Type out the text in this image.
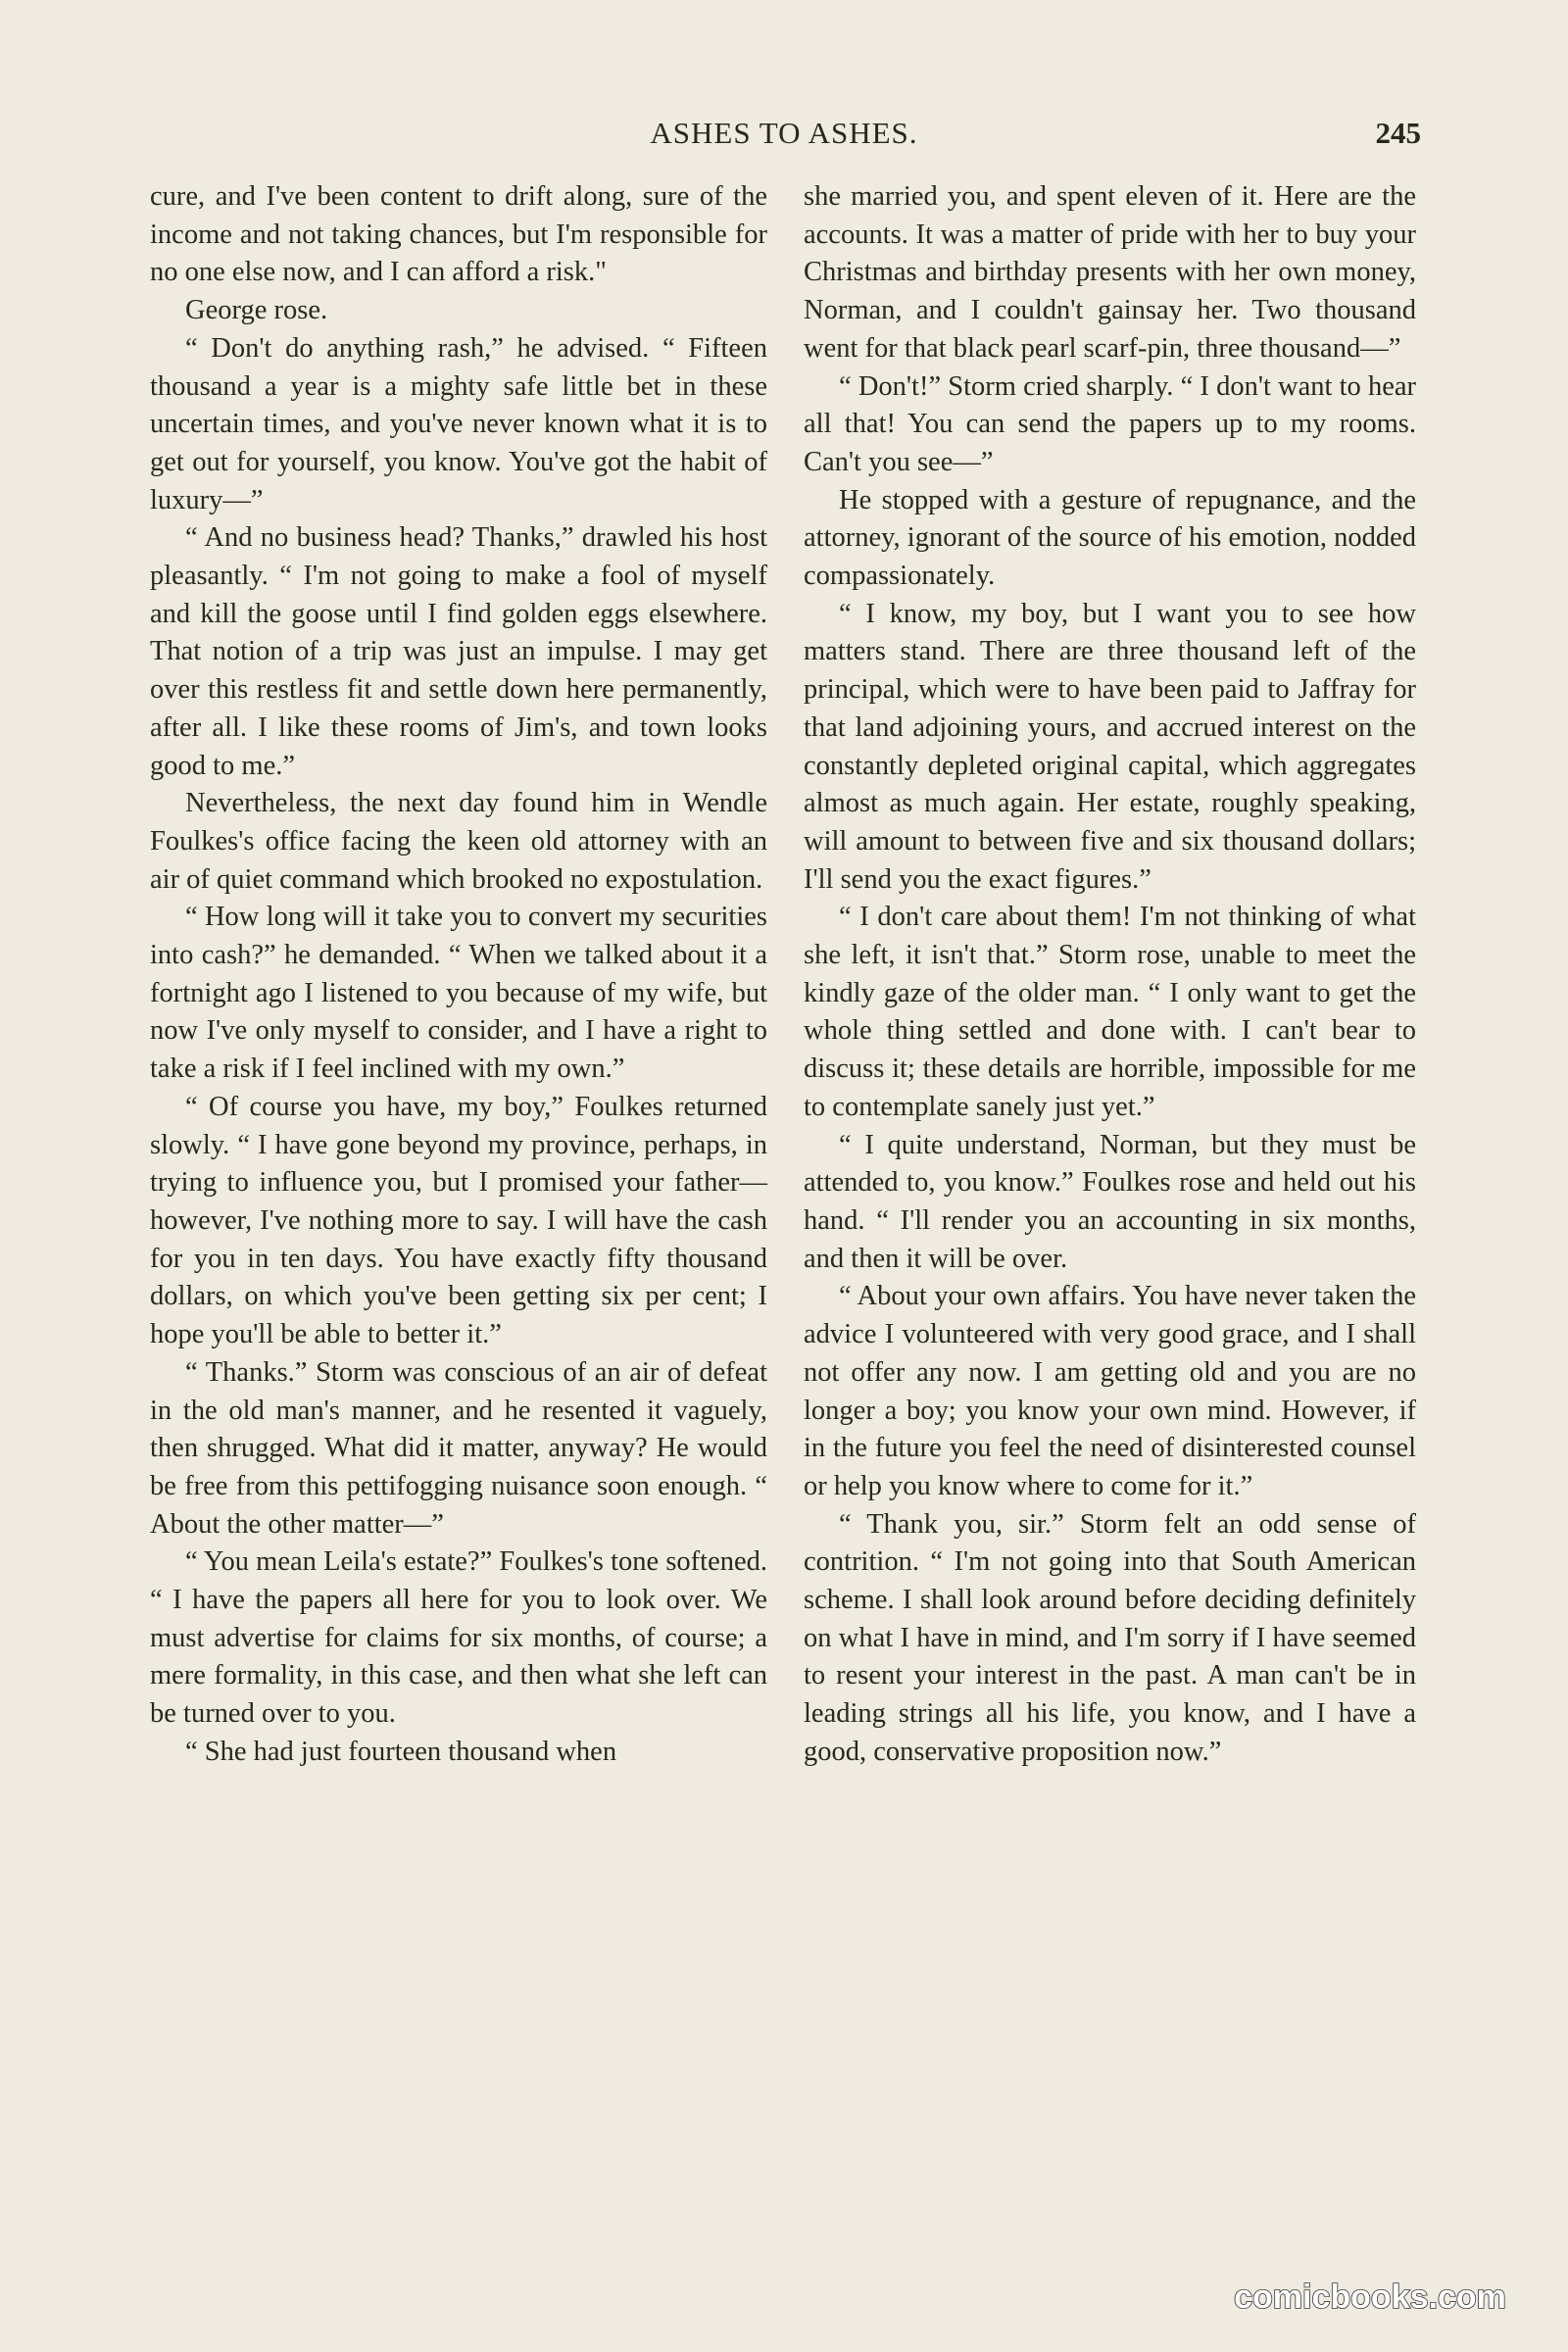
ASHES TO ASHES.	245

cure, and I've been content to drift along, sure of the income and not taking chances, but I'm responsible for no one else now, and I can afford a risk."

George rose.

“ Don't do anything rash,” he advised. “ Fifteen thousand a year is a mighty safe little bet in these uncertain times, and you've never known what it is to get out for yourself, you know. You've got the habit of luxury—”

“ And no business head? Thanks,” drawled his host pleasantly. “ I'm not going to make a fool of myself and kill the goose until I find golden eggs elsewhere. That notion of a trip was just an impulse. I may get over this restless fit and settle down here permanently, after all. I like these rooms of Jim's, and town looks good to me.”

Nevertheless, the next day found him in Wendle Foulkes's office facing the keen old attorney with an air of quiet command which brooked no expostulation.

“ How long will it take you to convert my securities into cash?” he demanded. “ When we talked about it a fortnight ago I listened to you because of my wife, but now I've only myself to consider, and I have a right to take a risk if I feel inclined with my own.”

“ Of course you have, my boy,” Foulkes returned slowly. “ I have gone beyond my province, perhaps, in trying to influence you, but I promised your father—however, I've nothing more to say. I will have the cash for you in ten days. You have exactly fifty thousand dollars, on which you've been getting six per cent; I hope you'll be able to better it.”

“ Thanks.” Storm was conscious of an air of defeat in the old man's manner, and he resented it vaguely, then shrugged. What did it matter, anyway? He would be free from this pettifogging nuisance soon enough. “ About the other matter—”

“ You mean Leila's estate?” Foulkes's tone softened. “ I have the papers all here for you to look over. We must advertise for claims for six months, of course; a mere formality, in this case, and then what she left can be turned over to you.

“ She had just fourteen thousand when

she married you, and spent eleven of it. Here are the accounts. It was a matter of pride with her to buy your Christmas and birthday presents with her own money, Norman, and I couldn't gainsay her. Two thousand went for that black pearl scarf-pin, three thousand—”

“ Don't!” Storm cried sharply. “ I don't want to hear all that! You can send the papers up to my rooms. Can't you see—”

He stopped with a gesture of repugnance, and the attorney, ignorant of the source of his emotion, nodded compassionately.

“ I know, my boy, but I want you to see how matters stand. There are three thousand left of the principal, which were to have been paid to Jaffray for that land adjoining yours, and accrued interest on the constantly depleted original capital, which aggregates almost as much again. Her estate, roughly speaking, will amount to between five and six thousand dollars; I'll send you the exact figures.”

“ I don't care about them! I'm not thinking of what she left, it isn't that.” Storm rose, unable to meet the kindly gaze of the older man. “ I only want to get the whole thing settled and done with. I can't bear to discuss it; these details are horrible, impossible for me to contemplate sanely just yet.”

“ I quite understand, Norman, but they must be attended to, you know.” Foulkes rose and held out his hand. “ I'll render you an accounting in six months, and then it will be over.

“ About your own affairs. You have never taken the advice I volunteered with very good grace, and I shall not offer any now. I am getting old and you are no longer a boy; you know your own mind. However, if in the future you feel the need of disinterested counsel or help you know where to come for it.”

“ Thank you, sir.” Storm felt an odd sense of contrition. “ I'm not going into that South American scheme. I shall look around before deciding definitely on what I have in mind, and I'm sorry if I have seemed to resent your interest in the past. A man can't be in leading strings all his life, you know, and I have a good, conservative proposition now.”

comicbooks.com
